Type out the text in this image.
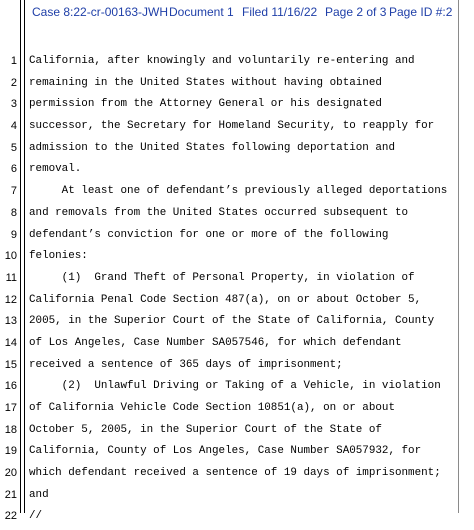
Case 8:22-cr-00163-JWH Document 1 Filed 11/16/22 Page 2 of 3 Page ID #:2
1
2
3
4
5
6
7
8
9
10
11
12
13
14
15
16
17
18
19
20
21
22
California, after knowingly and voluntarily re-entering and
remaining in the United States without having obtained
permission from the Attorney General or his designated
successor, the Secretary for Homeland Security, to reapply for
admission to the United States following deportation and
removal.
At least one of defendant’s previously alleged deportations
and removals from the United States occurred subsequent to
defendant’s conviction for one or more of the following
felonies:
(1)  Grand Theft of Personal Property, in violation of
California Penal Code Section 487(a), on or about October 5,
2005, in the Superior Court of the State of California, County
of Los Angeles, Case Number SA057546, for which defendant
received a sentence of 365 days of imprisonment;
(2)  Unlawful Driving or Taking of a Vehicle, in violation
of California Vehicle Code Section 10851(a), on or about
October 5, 2005, in the Superior Court of the State of
California, County of Los Angeles, Case Number SA057932, for
which defendant received a sentence of 19 days of imprisonment;
and
//
